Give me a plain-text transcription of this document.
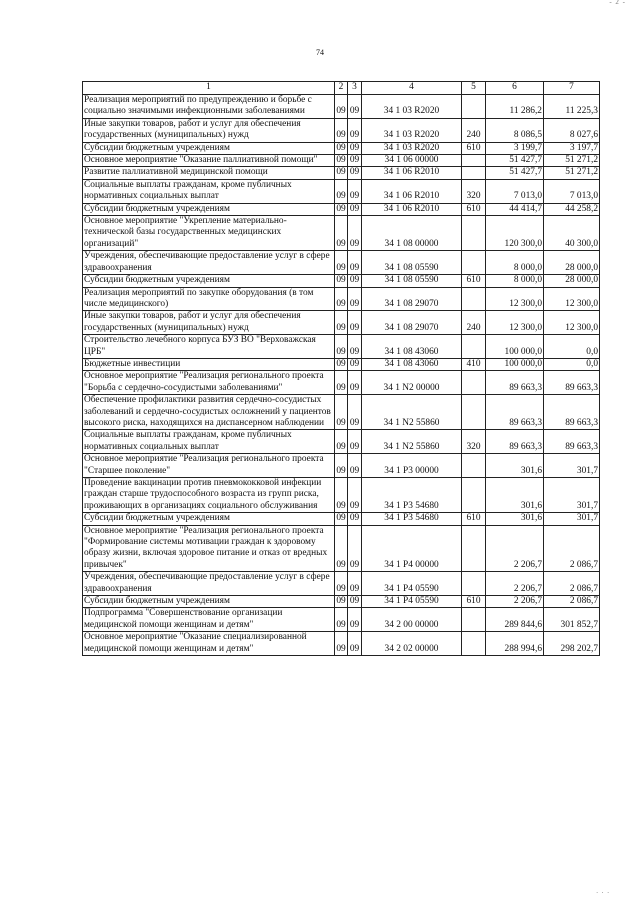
- 2 -
74
1	2	3	4	5	6	7
Реализация мероприятий по предупреждению и борьбе с социально значимыми инфекционными заболеваниями	09	09	34 1 03 R2020		11 286,2	11 225,3
Иные закупки товаров, работ и услуг для обеспечения государственных (муниципальных) нужд	09	09	34 1 03 R2020	240	8 086,5	8 027,6
Субсидии бюджетным учреждениям	09	09	34 1 03 R2020	610	3 199,7	3 197,7
Основное мероприятие "Оказание паллиативной помощи"	09	09	34 1 06 00000		51 427,7	51 271,2
Развитие паллиативной медицинской помощи	09	09	34 1 06 R2010		51 427,7	51 271,2
Социальные выплаты гражданам, кроме публичных нормативных социальных выплат	09	09	34 1 06 R2010	320	7 013,0	7 013,0
Субсидии бюджетным учреждениям	09	09	34 1 06 R2010	610	44 414,7	44 258,2
Основное мероприятие "Укрепление материально-технической базы государственных медицинских организаций"	09	09	34 1 08 00000		120 300,0	40 300,0
Учреждения, обеспечивающие предоставление услуг в сфере здравоохранения	09	09	34 1 08 05590		8 000,0	28 000,0
Субсидии бюджетным учреждениям	09	09	34 1 08 05590	610	8 000,0	28 000,0
Реализация мероприятий по закупке оборудования (в том числе медицинского)	09	09	34 1 08 29070		12 300,0	12 300,0
Иные закупки товаров, работ и услуг для обеспечения государственных (муниципальных) нужд	09	09	34 1 08 29070	240	12 300,0	12 300,0
Строительство лечебного корпуса БУЗ ВО "Верховажская ЦРБ"	09	09	34 1 08 43060		100 000,0	0,0
Бюджетные инвестиции	09	09	34 1 08 43060	410	100 000,0	0,0
Основное мероприятие "Реализация регионального проекта "Борьба с сердечно-сосудистыми заболеваниями"	09	09	34 1 N2 00000		89 663,3	89 663,3
Обеспечение профилактики развития сердечно-сосудистых заболеваний и сердечно-сосудистых осложнений у пациентов высокого риска, находящихся на диспансерном наблюдении	09	09	34 1 N2 55860		89 663,3	89 663,3
Социальные выплаты гражданам, кроме публичных нормативных социальных выплат	09	09	34 1 N2 55860	320	89 663,3	89 663,3
Основное мероприятие "Реализация регионального проекта "Старшее поколение"	09	09	34 1 P3 00000		301,6	301,7
Проведение вакцинации против пневмококковой инфекции граждан старше трудоспособного возраста из групп риска, проживающих в организациях социального обслуживания	09	09	34 1 P3 54680		301,6	301,7
Субсидии бюджетным учреждениям	09	09	34 1 P3 54680	610	301,6	301,7
Основное мероприятие "Реализация регионального проекта "Формирование системы мотивации граждан к здоровому образу жизни, включая здоровое питание и отказ от вредных привычек"	09	09	34 1 P4 00000		2 206,7	2 086,7
Учреждения, обеспечивающие предоставление услуг в сфере здравоохранения	09	09	34 1 P4 05590		2 206,7	2 086,7
Субсидии бюджетным учреждениям	09	09	34 1 P4 05590	610	2 206,7	2 086,7
Подпрограмма "Совершенствование организации медицинской помощи женщинам и детям"	09	09	34 2 00 00000		289 844,6	301 852,7
Основное мероприятие "Оказание специализированной медицинской помощи женщинам и детям"	09	09	34 2 02 00000		288 994,6	298 202,7
. . .
